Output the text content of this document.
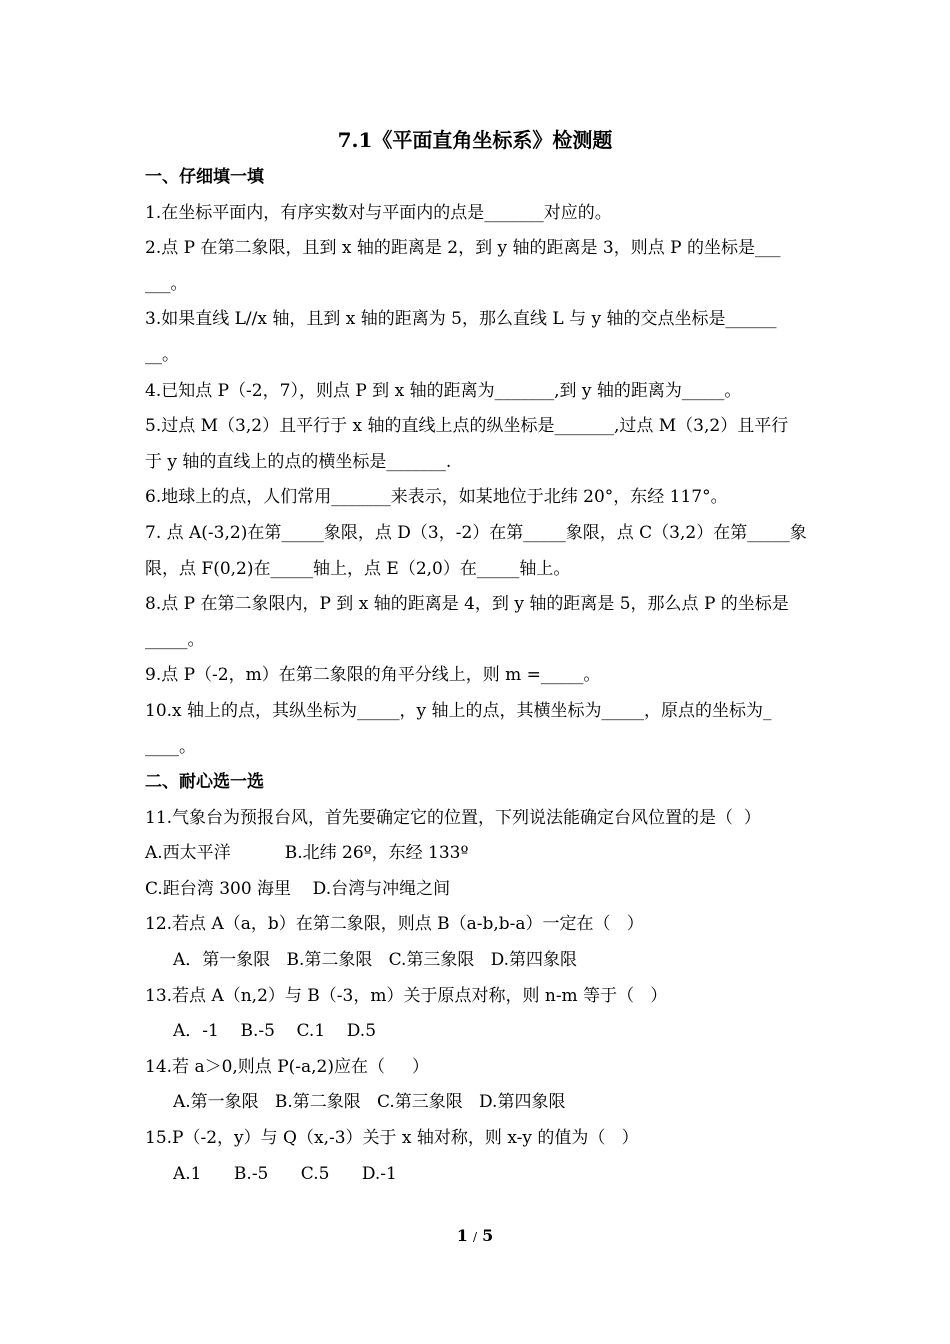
7.1《平面直角坐标系》检测题
一、仔细填一填
1.在坐标平面内，有序实数对与平面内的点是_______对应的。
2.点 P 在第二象限，且到 x 轴的距离是 2，到 y 轴的距离是 3，则点 P 的坐标是___
___。
3.如果直线 L//x 轴，且到 x 轴的距离为 5，那么直线 L 与 y 轴的交点坐标是______
__。
4.已知点 P（-2，7），则点 P 到 x 轴的距离为_______,到 y 轴的距离为_____。
5.过点 M（3,2）且平行于 x 轴的直线上点的纵坐标是_______,过点 M（3,2）且平行
于 y 轴的直线上的点的横坐标是_______.
6.地球上的点，人们常用_______来表示，如某地位于北纬 20°，东经 117°。
7. 点 A(-3,2)在第_____象限，点 D（3，-2）在第_____象限，点 C（3,2）在第_____象
限，点 F(0,2)在_____轴上，点 E（2,0）在_____轴上。
8.点 P 在第二象限内，P 到 x 轴的距离是 4，到 y 轴的距离是 5，那么点 P 的坐标是
_____。
9.点 P（-2，m）在第二象限的角平分线上，则 m =_____。
10.x 轴上的点，其纵坐标为_____，y 轴上的点，其横坐标为_____，原点的坐标为_
____。
二、耐心选一选
11.气象台为预报台风，首先要确定它的位置，下列说法能确定台风位置的是（  ）
A.西太平洋          B.北纬 26º，东经 133º
C.距台湾 300 海里    D.台湾与冲绳之间
12.若点 A（a，b）在第二象限，则点 B（a-b,b-a）一定在（   ）
A．第一象限   B.第二象限   C.第三象限   D.第四象限
13.若点 A（n,2）与 B（-3，m）关于原点对称，则 n-m 等于（   ）
A．-1    B.-5    C.1    D.5
14.若 a＞0,则点 P(-a,2)应在（     ）
A.第一象限   B.第二象限   C.第三象限   D.第四象限
15.P（-2，y）与 Q（x,-3）关于 x 轴对称，则 x-y 的值为（   ）
A.1      B.-5      C.5      D.-1
1 / 5
